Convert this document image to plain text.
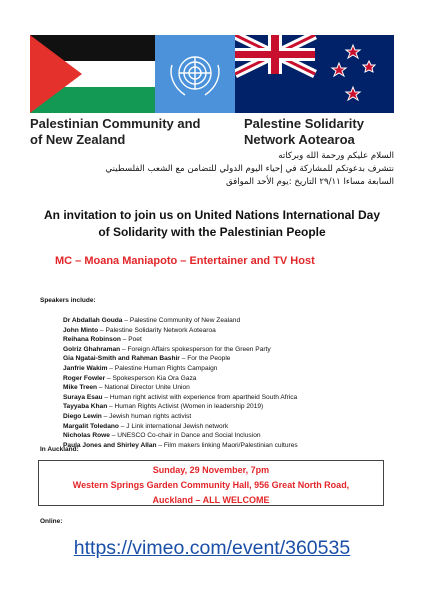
Palestinian Community and
of New Zealand
Palestine Solidarity
Network Aotearoa
السلام عليكم ورحمة الله وبركاته
نتشرف بدعوتكم للمشاركة في إحياء اليوم الدولي للتضامن مع الشعب الفلسطيني
السابعة مساءا ٢٩/١١ التاريخ :يوم الأحد الموافق
An invitation to join us on United Nations International Day
of Solidarity with the Palestinian People
MC – Moana Maniapoto – Entertainer and TV Host
Speakers include:
Dr Abdallah Gouda – Palestine Community of New Zealand
John Minto – Palestine Solidarity Network Aotearoa
Reihana Robinson – Poet
Golriz Ghahraman – Foreign Affairs spokesperson for the Green Party
Gia Ngatai-Smith and Rahman Bashir – For the People
Janfrie Wakim – Palestine Human Rights Campaign
Roger Fowler – Spokesperson Kia Ora Gaza
Mike Treen – National Director Unite Union
Suraya Esau – Human right activist with experience from apartheid South Africa
Tayyaba Khan – Human Rights Activist (Women in leadership 2019)
Diego Lewin – Jewish human rights activist
Margalit Toledano – J Link international Jewish network
Nicholas Rowe – UNESCO Co-chair in Dance and Social Inclusion
Paula Jones and Shirley Allan – Film makers linking Maori/Palestinian cultures
In Auckland:
Sunday, 29 November, 7pm
Western Springs Garden Community Hall, 956 Great North Road,
Auckland – ALL WELCOME
Online:
https://vimeo.com/event/360535
